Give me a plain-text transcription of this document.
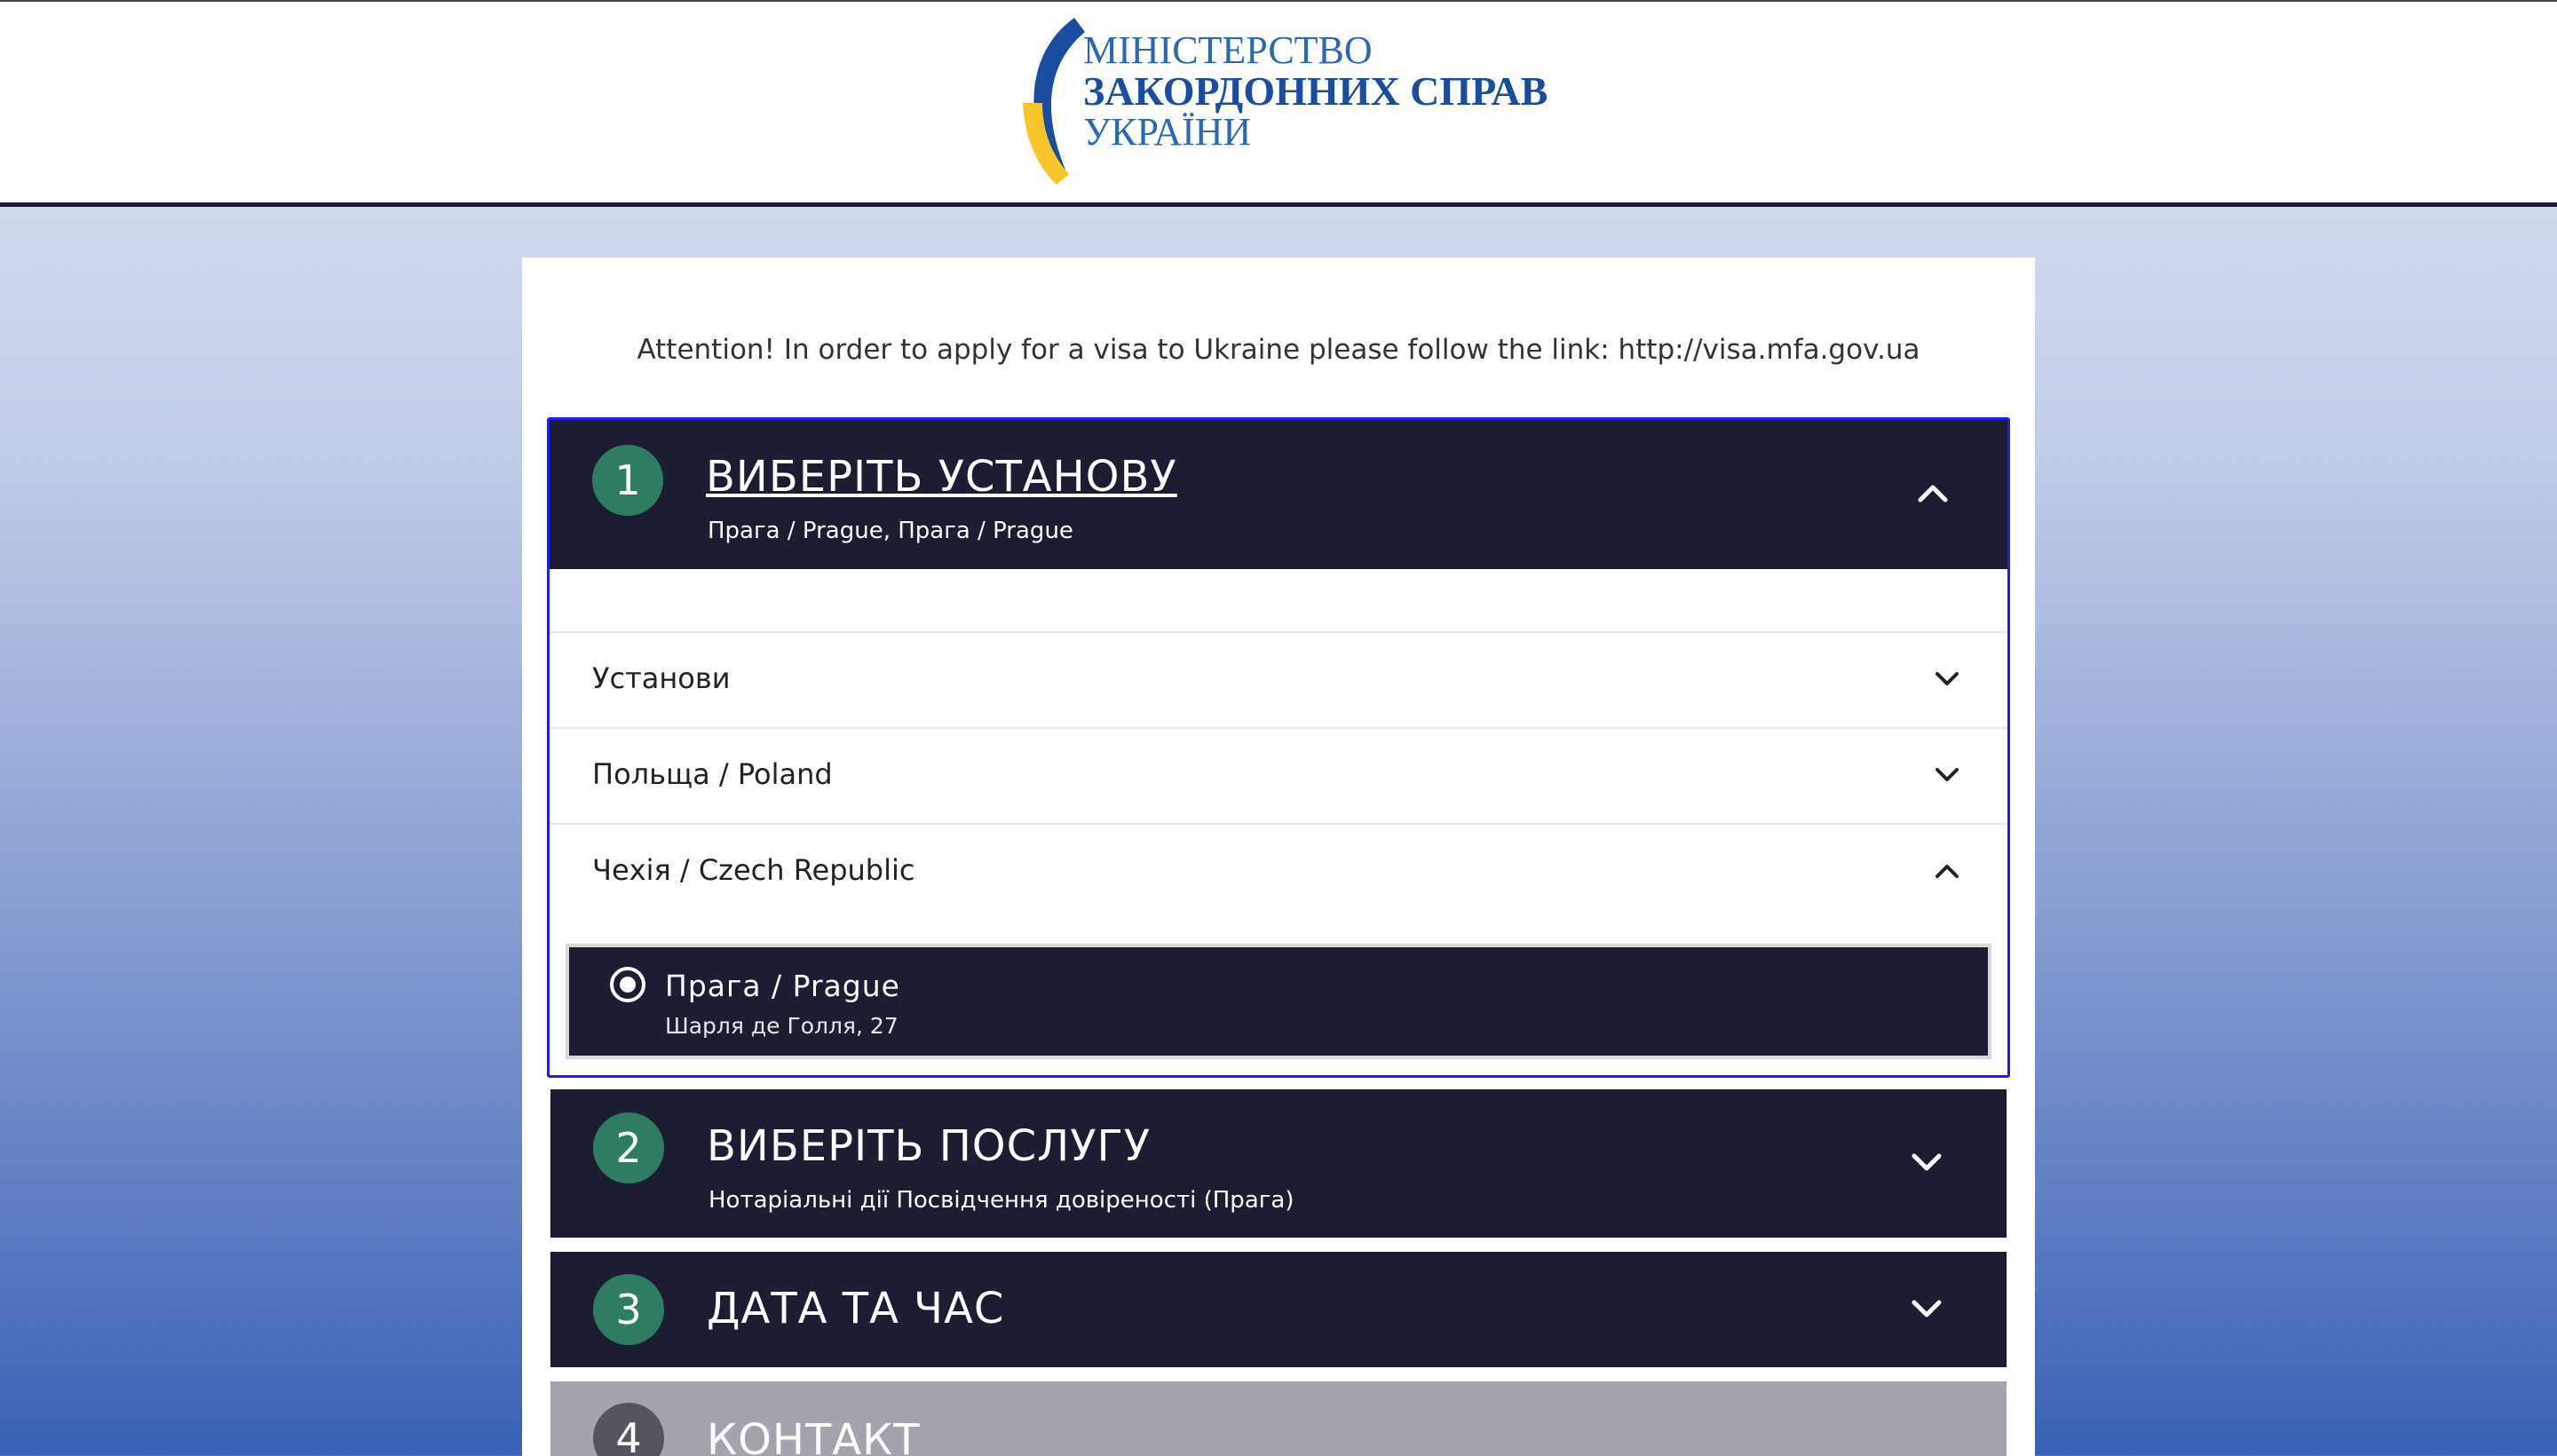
МІНІСТЕРСТВО
ЗАКОРДОННИХ СПРАВ
УКРАЇНИ
Attention! In order to apply for a visa to Ukraine please follow the link: http://visa.mfa.gov.ua
1	ВИБЕРІТЬ УСТАНОВУ
Прага / Prague, Прага / Prague
Установи
Польща / Poland
Чехія / Czech Republic
Прага / Prague
Шарля де Голля, 27
2	ВИБЕРІТЬ ПОСЛУГУ
Нотаріальні дії Посвідчення довіреності (Прага)
3	ДАТА ТА ЧАС
4	КОНТАКТ
